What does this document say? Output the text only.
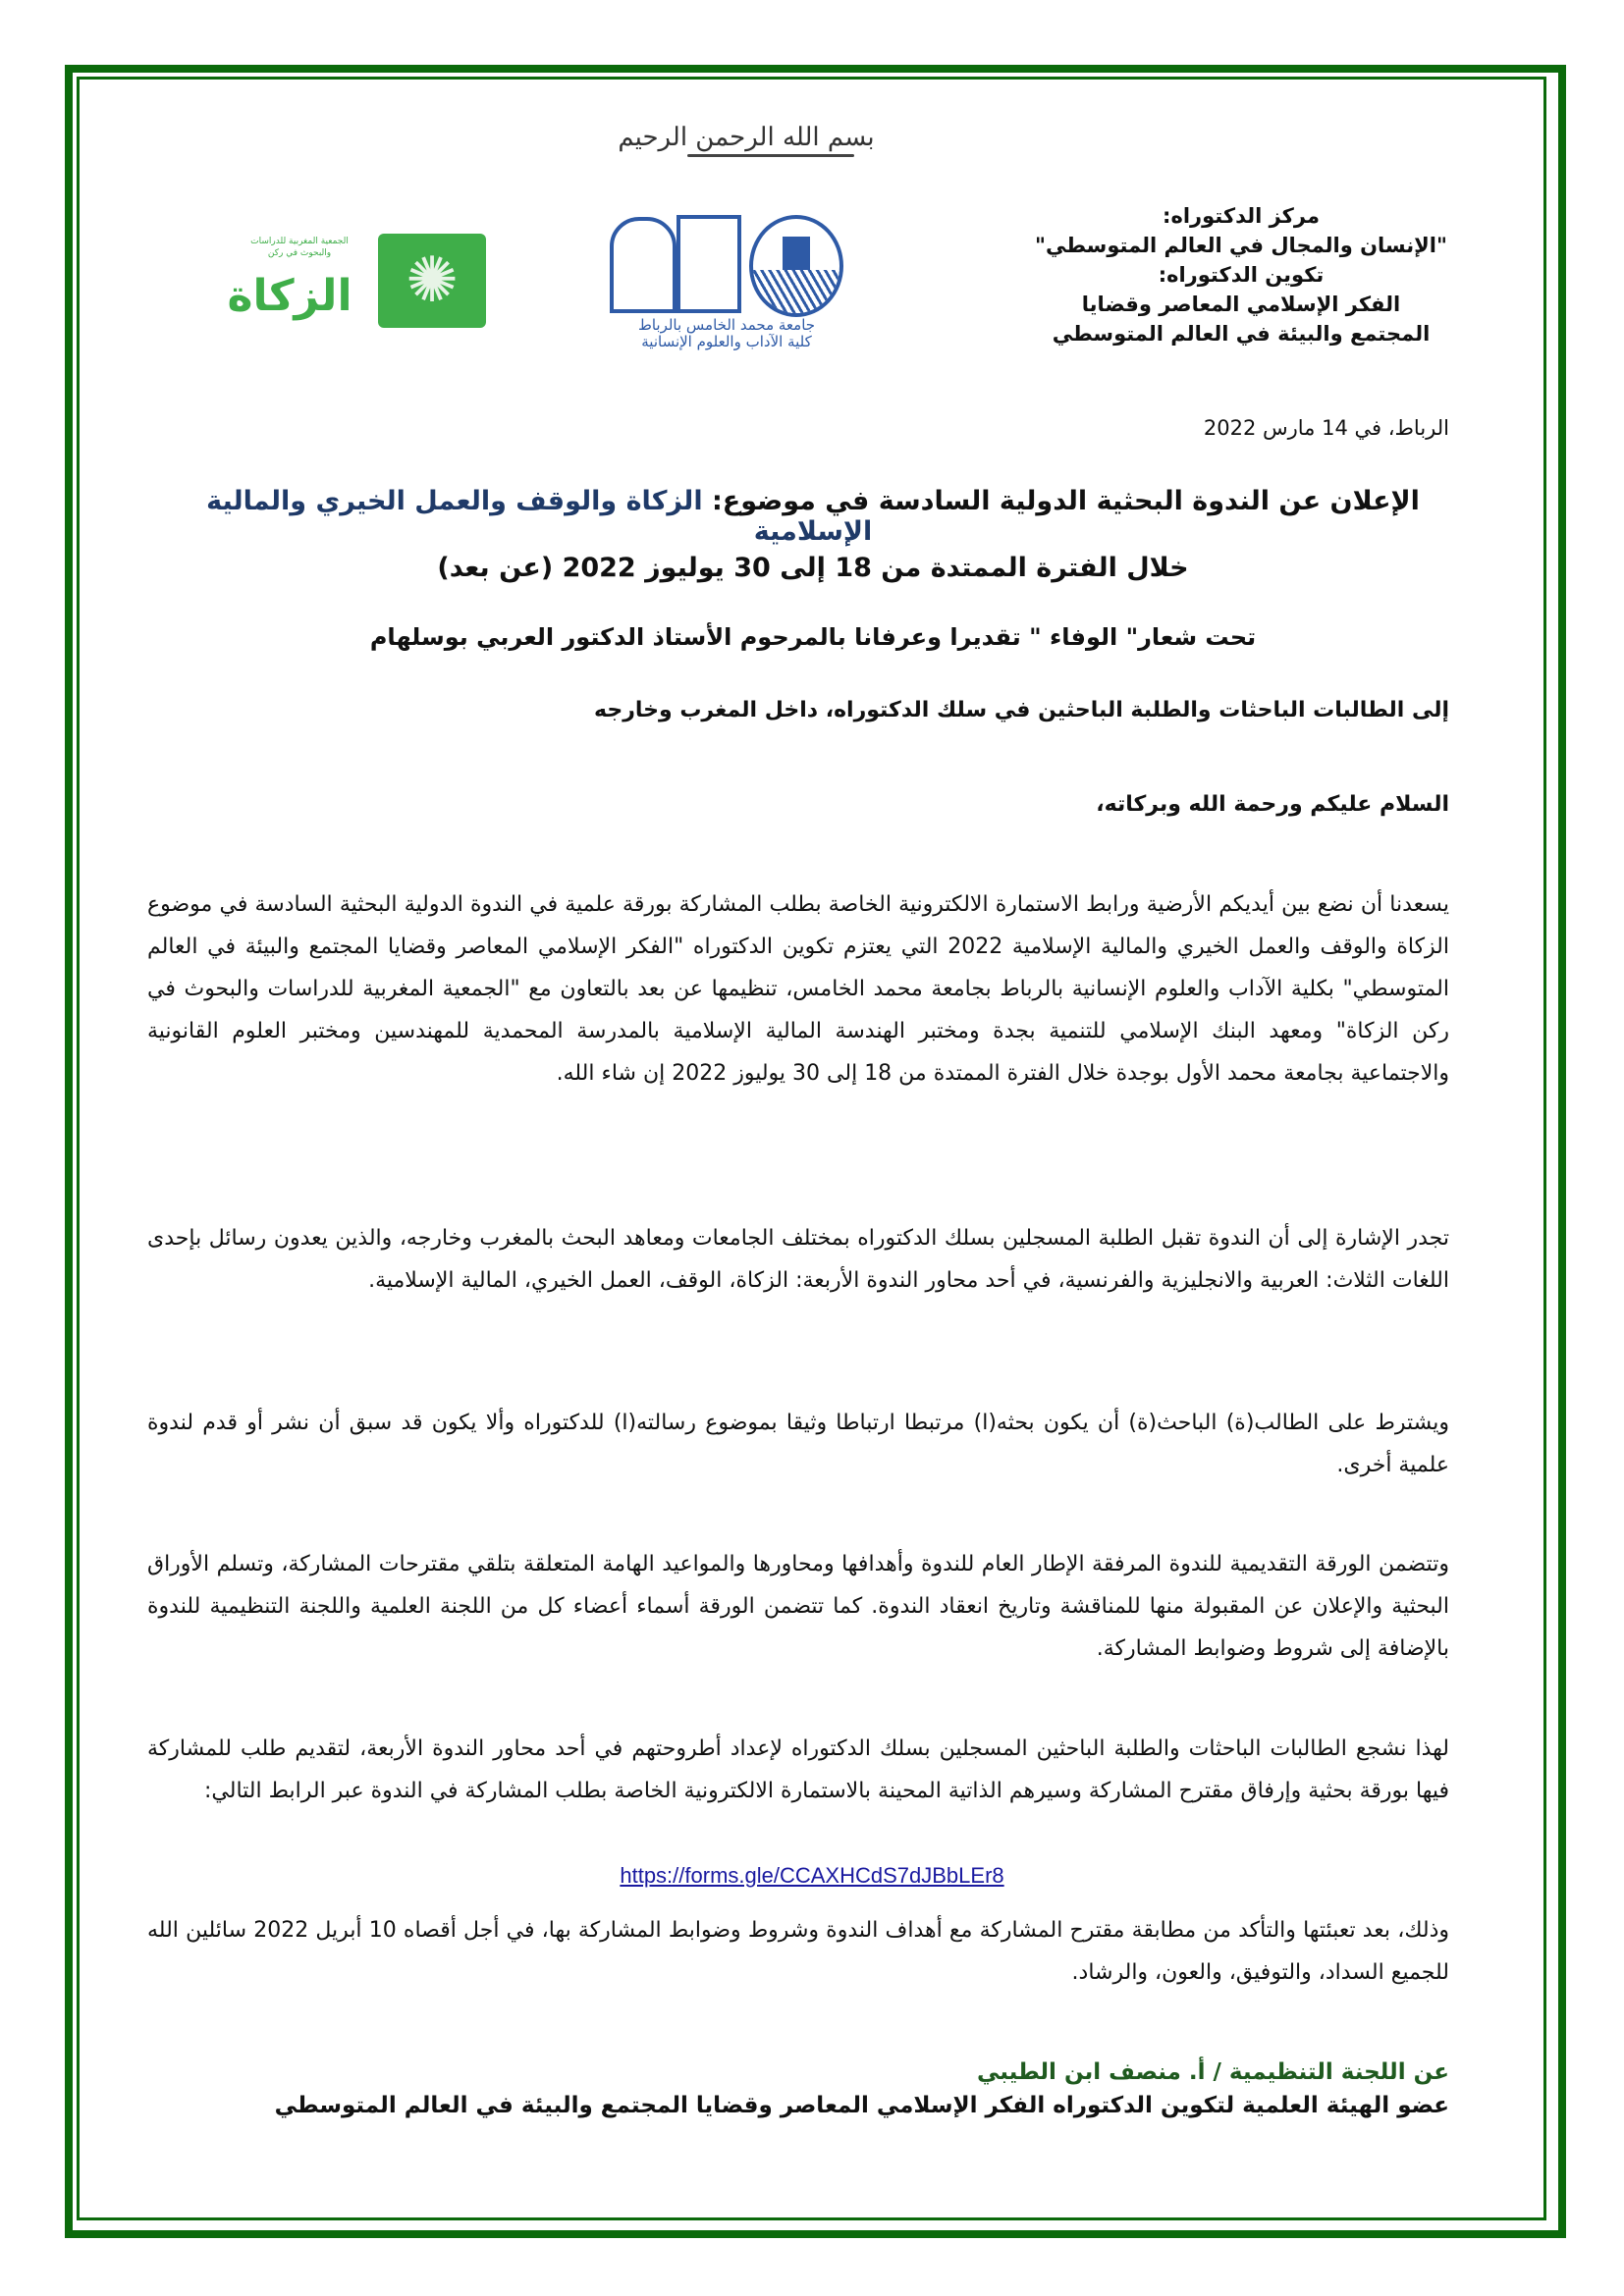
بسم الله الرحمن الرحيم
مركز الدكتوراه:
"الإنسان والمجال في العالم المتوسطي"
تكوين الدكتوراه:
الفكر الإسلامي المعاصر وقضايا
المجتمع والبيئة في العالم المتوسطي
جامعة محمد الخامس بالرباط
كلية الآداب والعلوم الإنسانية
الجمعية المغربية للدراسات والبحوث في ركن
الزكاة ✺
الرباط، في 14 مارس 2022
الإعلان عن الندوة البحثية الدولية السادسة في موضوع: الزكاة والوقف والعمل الخيري والمالية الإسلامية
خلال الفترة الممتدة من 18 إلى 30 يوليوز 2022 (عن بعد)
تحت شعار" الوفاء " تقديرا وعرفانا بالمرحوم الأستاذ الدكتور العربي بوسلهام
إلى الطالبات الباحثات والطلبة الباحثين في سلك الدكتوراه، داخل المغرب وخارجه
السلام عليكم ورحمة الله وبركاته،
يسعدنا أن نضع بين أيديكم الأرضية ورابط الاستمارة الالكترونية الخاصة بطلب المشاركة بورقة علمية في الندوة الدولية البحثية السادسة في موضوع الزكاة والوقف والعمل الخيري والمالية الإسلامية 2022 التي يعتزم تكوين الدكتوراه "الفكر الإسلامي المعاصر وقضايا المجتمع والبيئة في العالم المتوسطي" بكلية الآداب والعلوم الإنسانية بالرباط بجامعة محمد الخامس، تنظيمها عن بعد بالتعاون مع "الجمعية المغربية للدراسات والبحوث في ركن الزكاة" ومعهد البنك الإسلامي للتنمية بجدة ومختبر الهندسة المالية الإسلامية بالمدرسة المحمدية للمهندسين ومختبر العلوم القانونية والاجتماعية بجامعة محمد الأول بوجدة خلال الفترة الممتدة من 18 إلى 30 يوليوز 2022 إن شاء الله.
تجدر الإشارة إلى أن الندوة تقبل الطلبة المسجلين بسلك الدكتوراه بمختلف الجامعات ومعاهد البحث بالمغرب وخارجه، والذين يعدون رسائل بإحدى اللغات الثلاث: العربية والانجليزية والفرنسية، في أحد محاور الندوة الأربعة: الزكاة، الوقف، العمل الخيري، المالية الإسلامية.
ويشترط على الطالب(ة) الباحث(ة) أن يكون بحثه(ا) مرتبطا ارتباطا وثيقا بموضوع رسالته(ا) للدكتوراه وألا يكون قد سبق أن نشر أو قدم لندوة علمية أخرى.
وتتضمن الورقة التقديمية للندوة المرفقة الإطار العام للندوة وأهدافها ومحاورها والمواعيد الهامة المتعلقة بتلقي مقترحات المشاركة، وتسلم الأوراق البحثية والإعلان عن المقبولة منها للمناقشة وتاريخ انعقاد الندوة. كما تتضمن الورقة أسماء أعضاء كل من اللجنة العلمية واللجنة التنظيمية للندوة بالإضافة إلى شروط وضوابط المشاركة.
لهذا نشجع الطالبات الباحثات والطلبة الباحثين المسجلين بسلك الدكتوراه لإعداد أطروحتهم في أحد محاور الندوة الأربعة، لتقديم طلب للمشاركة فيها بورقة بحثية وإرفاق مقترح المشاركة وسيرهم الذاتية المحينة بالاستمارة الالكترونية الخاصة بطلب المشاركة في الندوة عبر الرابط التالي:
https://forms.gle/CCAXHCdS7dJBbLEr8
وذلك، بعد تعبئتها والتأكد من مطابقة مقترح المشاركة مع أهداف الندوة وشروط وضوابط المشاركة بها، في أجل أقصاه 10 أبريل 2022 سائلين الله للجميع السداد، والتوفيق، والعون، والرشاد.
عن اللجنة التنظيمية / أ. منصف ابن الطيبي
عضو الهيئة العلمية لتكوين الدكتوراه الفكر الإسلامي المعاصر وقضايا المجتمع والبيئة في العالم المتوسطي
